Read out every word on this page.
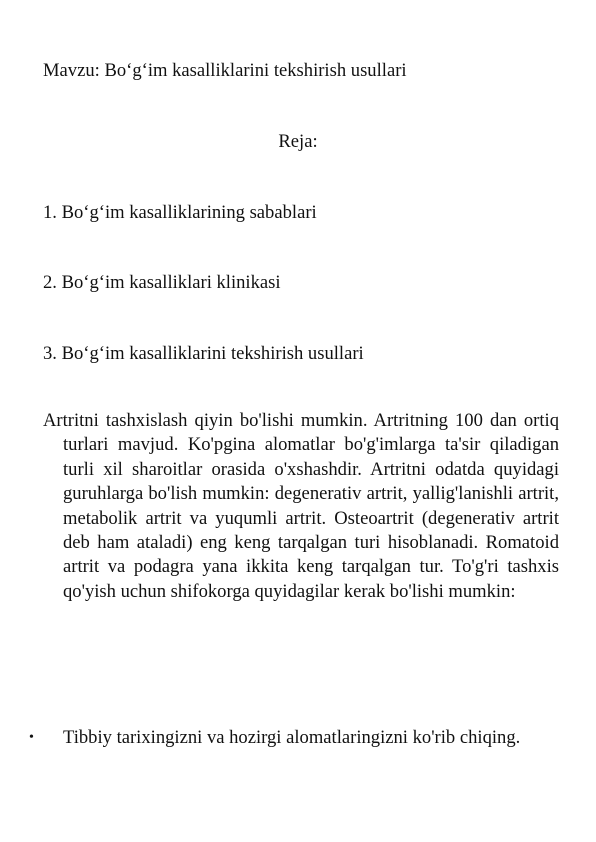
Mavzu: Bo‘g‘im kasalliklarini tekshirish usullari
Reja:
1. Bo‘g‘im kasalliklarining sabablari
2. Bo‘g‘im kasalliklari klinikasi
3. Bo‘g‘im kasalliklarini tekshirish usullari
Artritni tashxislash qiyin bo'lishi mumkin. Artritning 100 dan ortiq turlari mavjud. Ko'pgina alomatlar bo'g'imlarga ta'sir qiladigan turli xil sharoitlar orasida o'xshashdir. Artritni odatda quyidagi guruhlarga bo'lish mumkin: degenerativ artrit, yallig'lanishli artrit, metabolik artrit va yuqumli artrit. Osteoartrit (degenerativ artrit deb ham ataladi) eng keng tarqalgan turi hisoblanadi. Romatoid artrit va podagra yana ikkita keng tarqalgan tur. To'g'ri tashxis qo'yish uchun shifokorga quyidagilar kerak bo'lishi mumkin:
• Tibbiy tarixingizni va hozirgi alomatlaringizni ko'rib chiqing.
